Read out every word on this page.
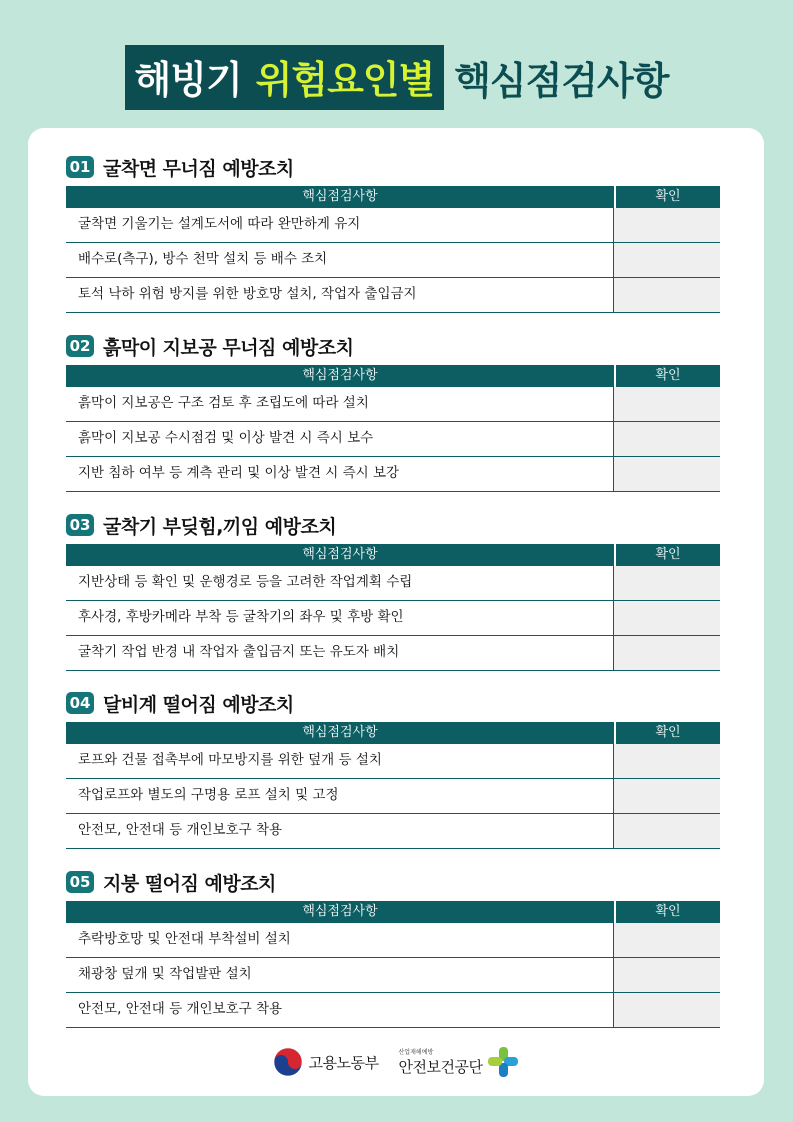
해빙기 위험요인별 핵심점검사항
01 굴착면 무너짐 예방조치
핵심점검사항	확인
굴착면 기울기는 설계도서에 따라 완만하게 유지
배수로(측구), 방수 천막 설치 등 배수 조치
토석 낙하 위험 방지를 위한 방호망 설치, 작업자 출입금지
02 흙막이 지보공 무너짐 예방조치
핵심점검사항	확인
흙막이 지보공은 구조 검토 후 조립도에 따라 설치
흙막이 지보공 수시점검 및 이상 발견 시 즉시 보수
지반 침하 여부 등 계측 관리 및 이상 발견 시 즉시 보강
03 굴착기 부딪힘,끼임 예방조치
핵심점검사항	확인
지반상태 등 확인 및 운행경로 등을 고려한 작업계획 수립
후사경, 후방카메라 부착 등 굴착기의 좌우 및 후방 확인
굴착기 작업 반경 내 작업자 출입금지 또는 유도자 배치
04 달비계 떨어짐 예방조치
핵심점검사항	확인
로프와 건물 접촉부에 마모방지를 위한 덮개 등 설치
작업로프와 별도의 구명용 로프 설치 및 고정
안전모, 안전대 등 개인보호구 착용
05 지붕 떨어짐 예방조치
핵심점검사항	확인
추락방호망 및 안전대 부착설비 설치
채광창 덮개 및 작업발판 설치
안전모, 안전대 등 개인보호구 착용
고용노동부
산업재해예방
안전보건공단
